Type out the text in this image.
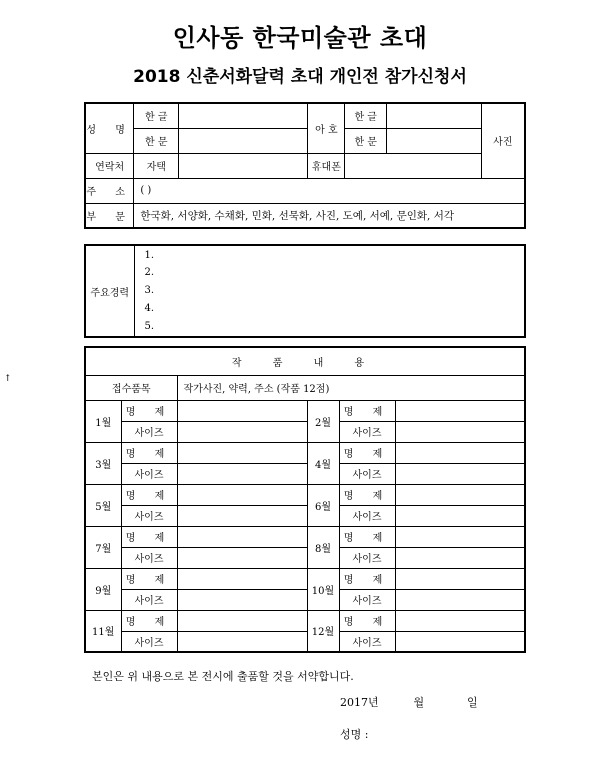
인사동 한국미술관 초대
2018 신춘서화달력 초대 개인전 참가신청서
↑
성 명	한 글		아 호	한 글		사진
	한 문			한 문		
연락처	자택		휴대폰			
주 소	( )					
부 문	한국화, 서양화, 수채화, 민화, 선묵화, 사진, 도예, 서예, 문인화, 서각					
주요경력	
1.
2.
3.
4.
5.
작 품 내 용					
접수품목		작가사진, 약력, 주소 (작품 12점)			
1월	명 제		2월	명 제	
	사이즈			사이즈	
3월	명 제		4월	명 제	
	사이즈			사이즈	
5월	명 제		6월	명 제	
	사이즈			사이즈	
7월	명 제		8월	명 제	
	사이즈			사이즈	
9월	명 제		10월	명 제	
	사이즈			사이즈	
11월	명 제		12월	명 제	
	사이즈			사이즈	
본인은 위 내용으로 본 전시에 출품할 것을 서약합니다.
2017년	월	일
성명 :
